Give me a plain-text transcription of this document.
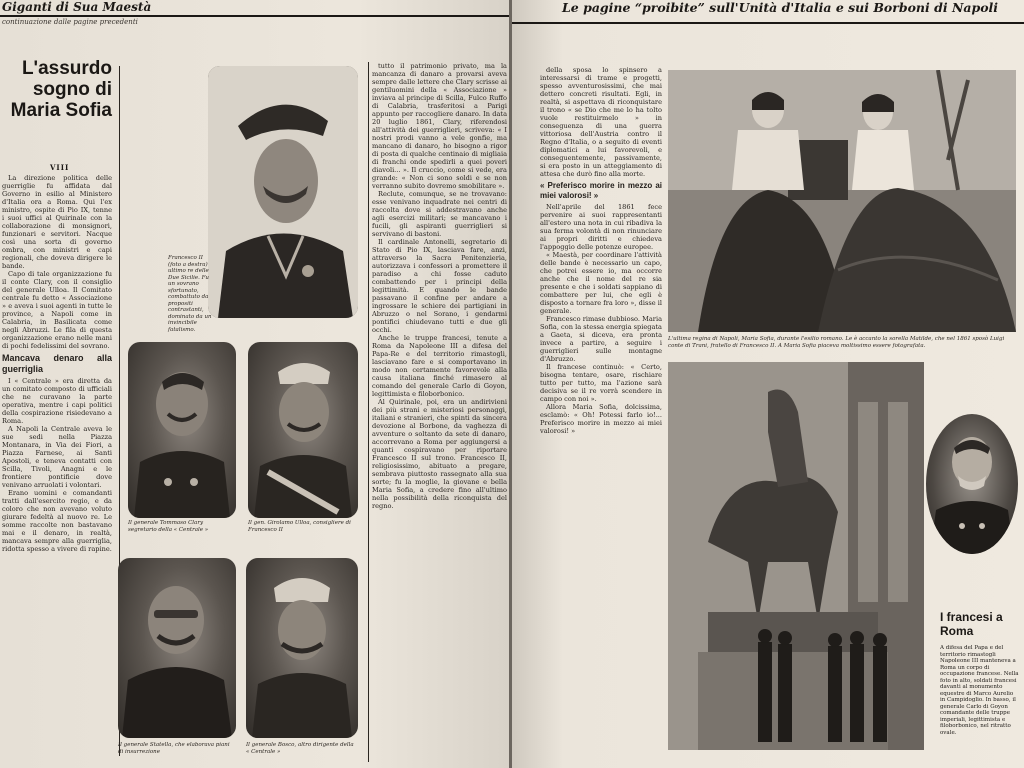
Giganti di Sua Maestà
continuazione dalle pagine precedenti
L'assurdo sogno di Maria Sofia
VIII

La direzione politica delle guerriglie fu affidata dal Governo in esilio al Ministero d'Italia ora a Roma. Qui l'ex ministro, ospite di Pio IX, tenne i suoi uffici al Quirinale con la collaborazione di monsignori, funzionari e servitori. Nacque così una sorta di governo ombra, con ministri e capi regionali, che doveva dirigere le bande.

Capo di tale organizzazione fu il conte Clary, con il consiglio del generale Ulloa. Il Comitato centrale fu detto « Associazione » e aveva i suoi agenti in tutte le province, a Napoli come in Calabria, in Basilicata come negli Abruzzi. Le fila di questa organizzazione erano nelle mani di pochi fedelissimi del sovrano.

Mancava denaro alla guerriglia

I « Centrale » era diretta da un comitato composto di ufficiali che ne curavano la parte operativa, mentre i capi politici della cospirazione risiedevano a Roma.

A Napoli la Centrale aveva le sue sedi nella Piazza Montanara, in Via dei Fiori, a Piazza Farnese, ai Santi Apostoli, e teneva contatti con Scilla, Tivoli, Anagni e le frontiere pontificie dove venivano arruolati i volontari.

Erano uomini e comandanti tratti dall'esercito regio, e da coloro che non avevano voluto giurare fedeltà al nuovo re. Le somme raccolte non bastavano mai e il denaro, in realtà, mancava sempre alla guerriglia, ridotta spesso a vivere di rapine.

Francesco II (foto a destra) ultimo re delle Due Sicilie. Fu un sovrano sfortunato, combattuto da propositi contrastanti, dominato da un invincibile fatalismo.
Il generale Tommaso Clary segretario della « Centrale »
Il gen. Girolamo Ulloa, consigliere di Francesco II
Il generale Statella, che elaborava piani di insurrezione
Il generale Bosco, altro dirigente della « Centrale »

tutto il patrimonio privato, ma la mancanza di danaro a provarsi aveva sempre dalle lettere che Clary scrisse ai gentiluomini della « Associazione » inviava al principe di Scilla, Fulco Ruffo di Calabria, trasferitosi a Parigi appunto per raccogliere danaro. In data 20 luglio 1861, Clary, riferendosi all'attività dei guerriglieri, scriveva: « I nostri prodi vanno a vele gonfie, ma mancano di danaro, ho bisogno a rigor di posta di qualche centinaio di migliaia di franchi onde spedirli a quei poveri diavoli... ». Il cruccio, come si vede, era grande: « Non ci sono soldi e se non verranno subito dovremo smobilitare ».

Reclute, comunque, se ne trovavano: esse venivano inquadrate nei centri di raccolta dove si addestravano anche agli esercizi militari; se mancavano i fucili, gli aspiranti guerriglieri si servivano di bastoni.

Il cardinale Antonelli, segretario di Stato di Pio IX, lasciava fare, anzi, attraverso la Sacra Penitenzieria, autorizzava i confessori a promettere il paradiso a chi fosse caduto combattendo per i principi della legittimità. E quando le bande passavano il confine per andare a ingrossare le schiere dei partigiani in Abruzzo o nel Sorano, i gendarmi pontifici chiudevano tutti e due gli occhi.

Anche le truppe francesi, tenute a Roma da Napoleone III a difesa del Papa-Re e del territorio rimastogli, lasciavano fare e si comportavano in modo non certamente favorevole alla causa italiana finché rimasero al comando del generale Carlo di Goyon, legittimista e filoborbonico.

Al Quirinale, poi, era un andirivieni dei più strani e misteriosi personaggi, italiani e stranieri, che spinti da sincera devozione al Borbone, da vaghezza di avventure o soltanto da sete di danaro, accorrevano a Roma per aggiungersi a quanti cospiravano per riportare Francesco II sul trono. Francesco II, religiosissimo, abituato a pregare, sembrava piuttosto rassegnato alla sua sorte; fu la moglie, la giovane e bella Maria Sofia, a credere fino all'ultimo nella possibilità della riconquista del regno.

Le pagine “proibite” sull'Unità d'Italia e sui Borboni di Napoli

della sposa lo spinsero a interessarsi di trame e progetti, spesso avventurosissimi, che mai dettero concreti risultati. Egli, in realtà, si aspettava di riconquistare il trono « se Dio che me lo ha tolto vuole restituirmelo » in conseguenza di una guerra vittoriosa dell'Austria contro il Regno d'Italia, o a seguito di eventi diplomatici a lui favorevoli, e conseguentemente, passivamente, si era posto in un atteggiamento di attesa che durò fino alla morte.

« Preferisco morire in mezzo ai miei valorosi! »

Nell'aprile del 1861 fece pervenire ai suoi rappresentanti all'estero una nota in cui ribadiva la sua ferma volontà di non rinunciare ai propri diritti e chiedeva l'appoggio delle potenze europee.

« Maestà, per coordinare l'attività delle bande è necessario un capo, che potrei essere io, ma occorre anche che il nome del re sia presente e che i soldati sappiano di combattere per lui, che egli è disposto a tornare fra loro », disse il generale.

Francesco rimase dubbioso. Maria Sofia, con la stessa energia spiegata a Gaeta, si diceva, era pronta invece a partire, a seguire i guerriglieri sulle montagne d'Abruzzo.

Il francese continuò: « Certo, bisogna tentare, osare, rischiare tutto per tutto, ma l'azione sarà decisiva se il re vorrà scendere in campo con noi ».

Allora Maria Sofia, dolcissima, esclamò: « Oh! Potessi farlo io!... Preferisco morire in mezzo ai miei valorosi! »

L'ultima regina di Napoli, Maria Sofia, durante l'esilio romano. Le è accanto la sorella Matilde, che nel 1861 sposò Luigi conte di Trani, fratello di Francesco II. A Maria Sofia piaceva moltissimo essere fotografata.
I francesi a Roma
A difesa del Papa e del territorio rimastogli Napoleone III manteneva a Roma un corpo di occupazione francese. Nella foto in alto, soldati francesi davanti al monumento equestre di Marco Aurelio in Campidoglio. In basso, il generale Carlo di Goyon comandante delle truppe imperiali, legittimista e filoborbonico, nel ritratto ovale.
